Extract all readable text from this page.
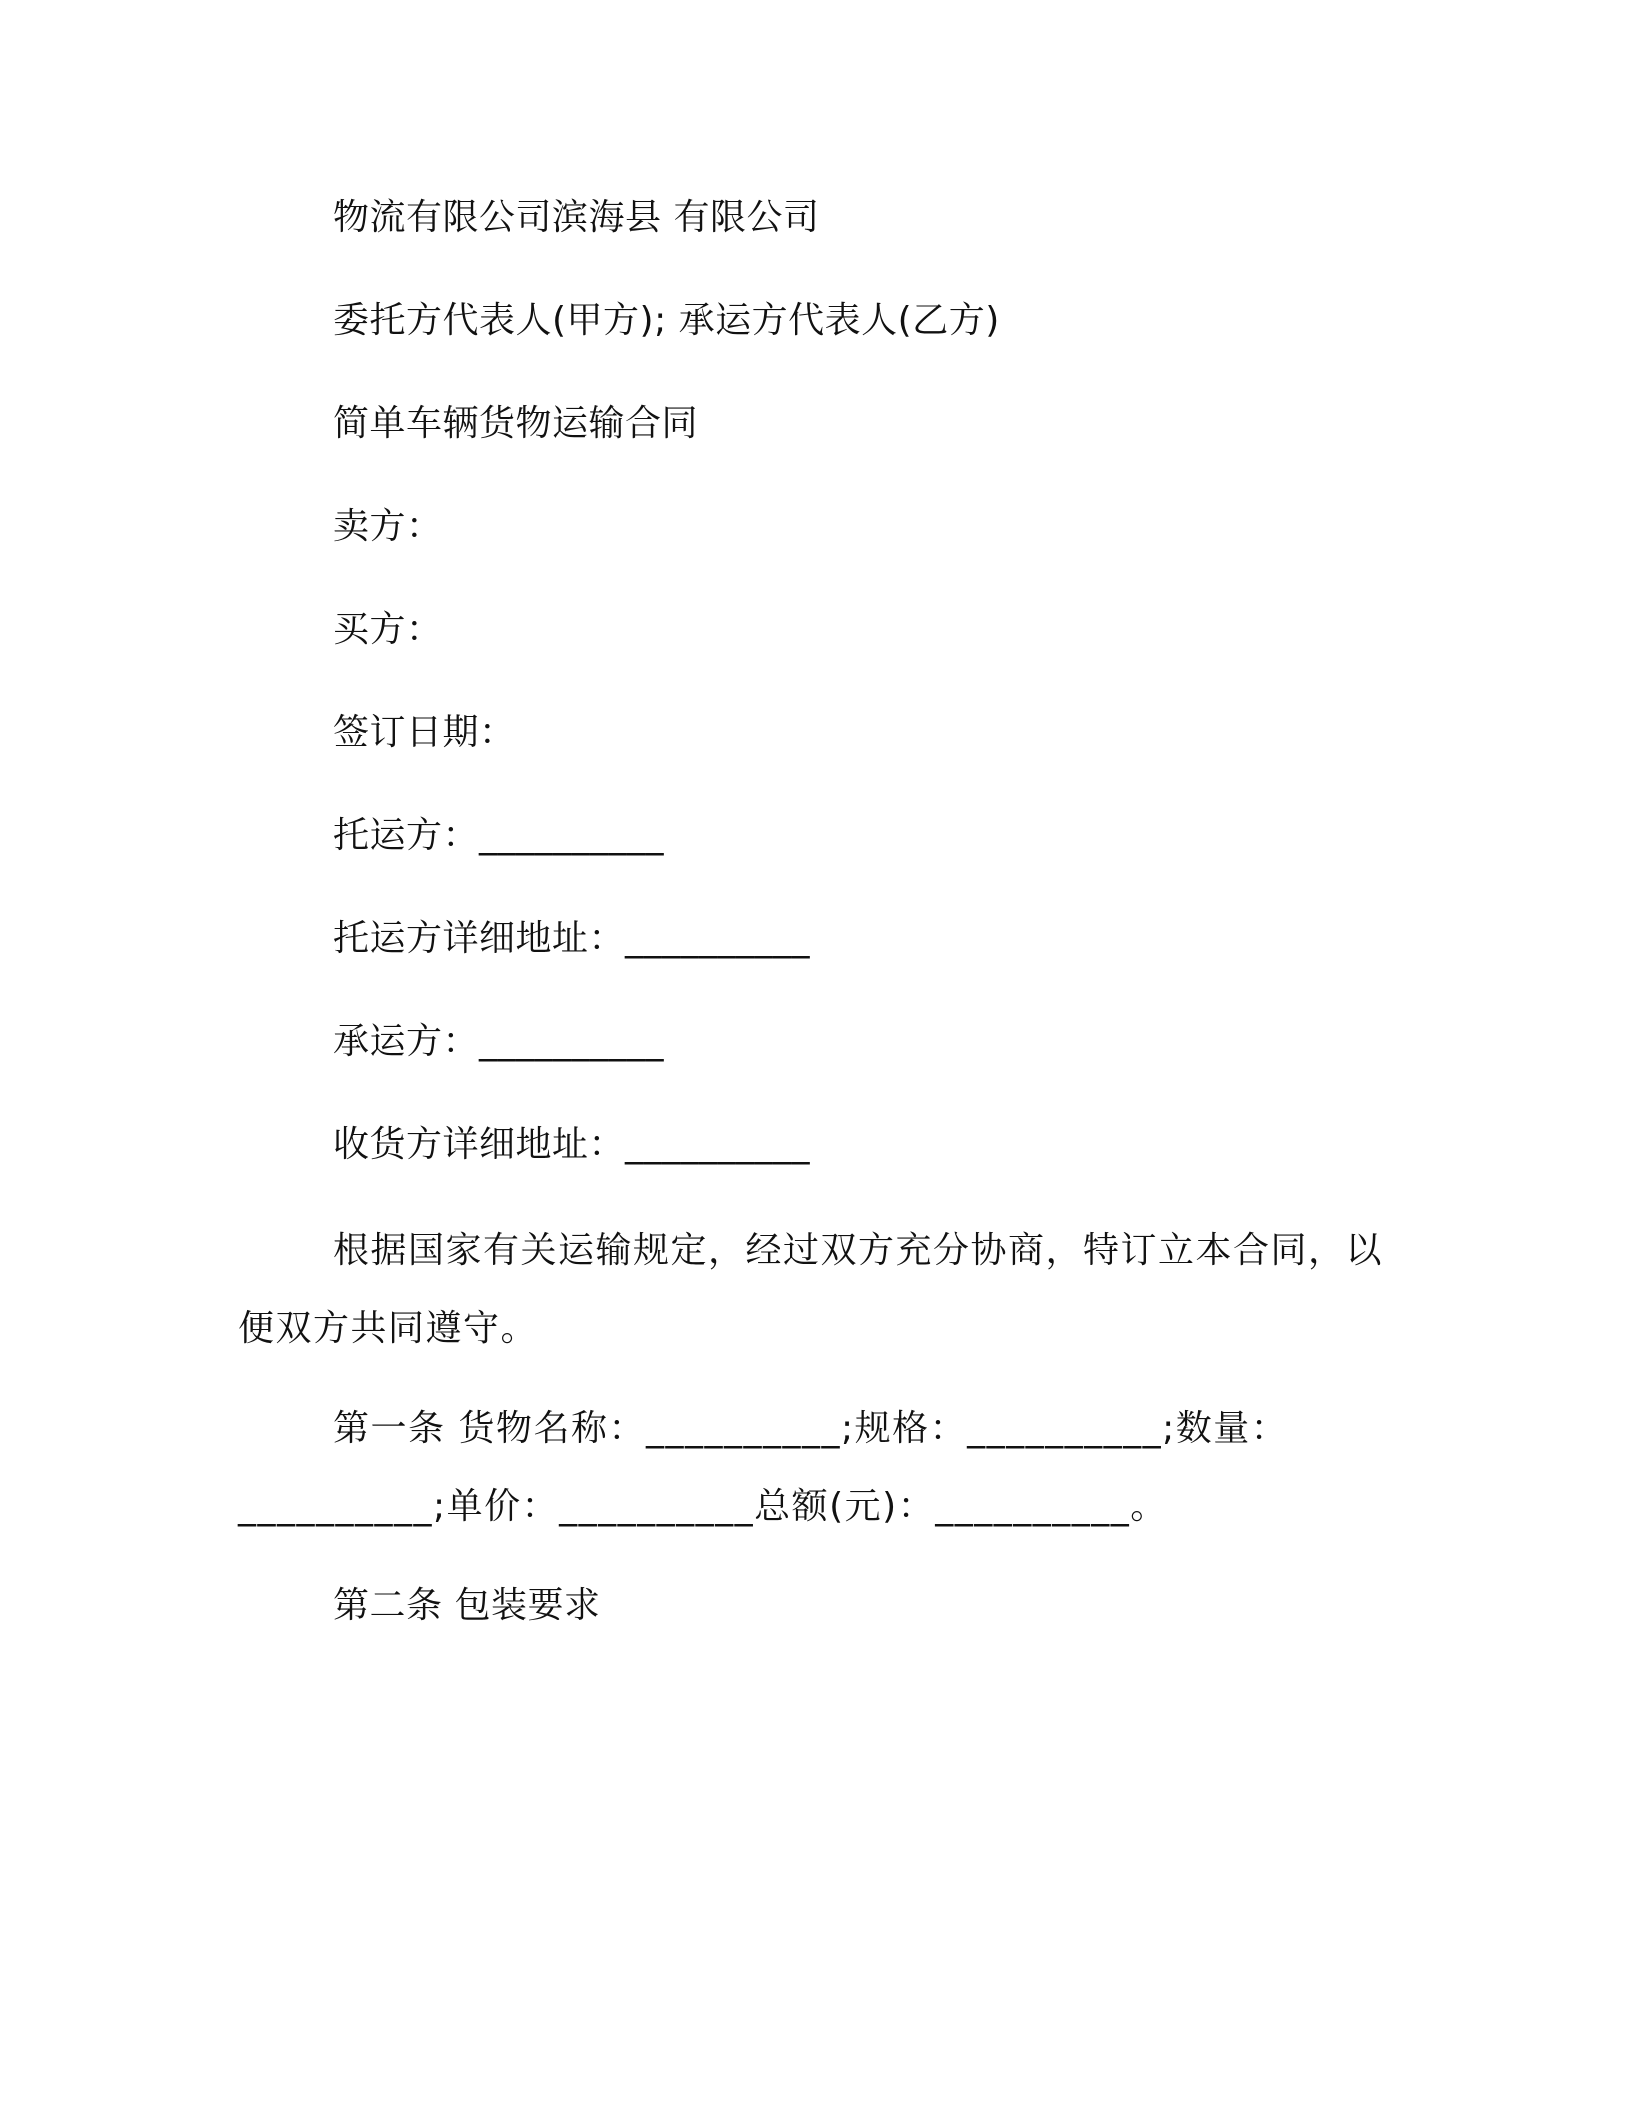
物流有限公司滨海县 有限公司
委托方代表人(甲方); 承运方代表人(乙方)
简单车辆货物运输合同
卖方：
买方：
签订日期：
托运方：__________
托运方详细地址：__________
承运方：__________
收货方详细地址：__________
根据国家有关运输规定，经过双方充分协商，特订立本合同，以便双方共同遵守。
第一条 货物名称：__________;规格：__________;数量：__________;单价：__________总额(元)：__________。
第二条 包装要求
